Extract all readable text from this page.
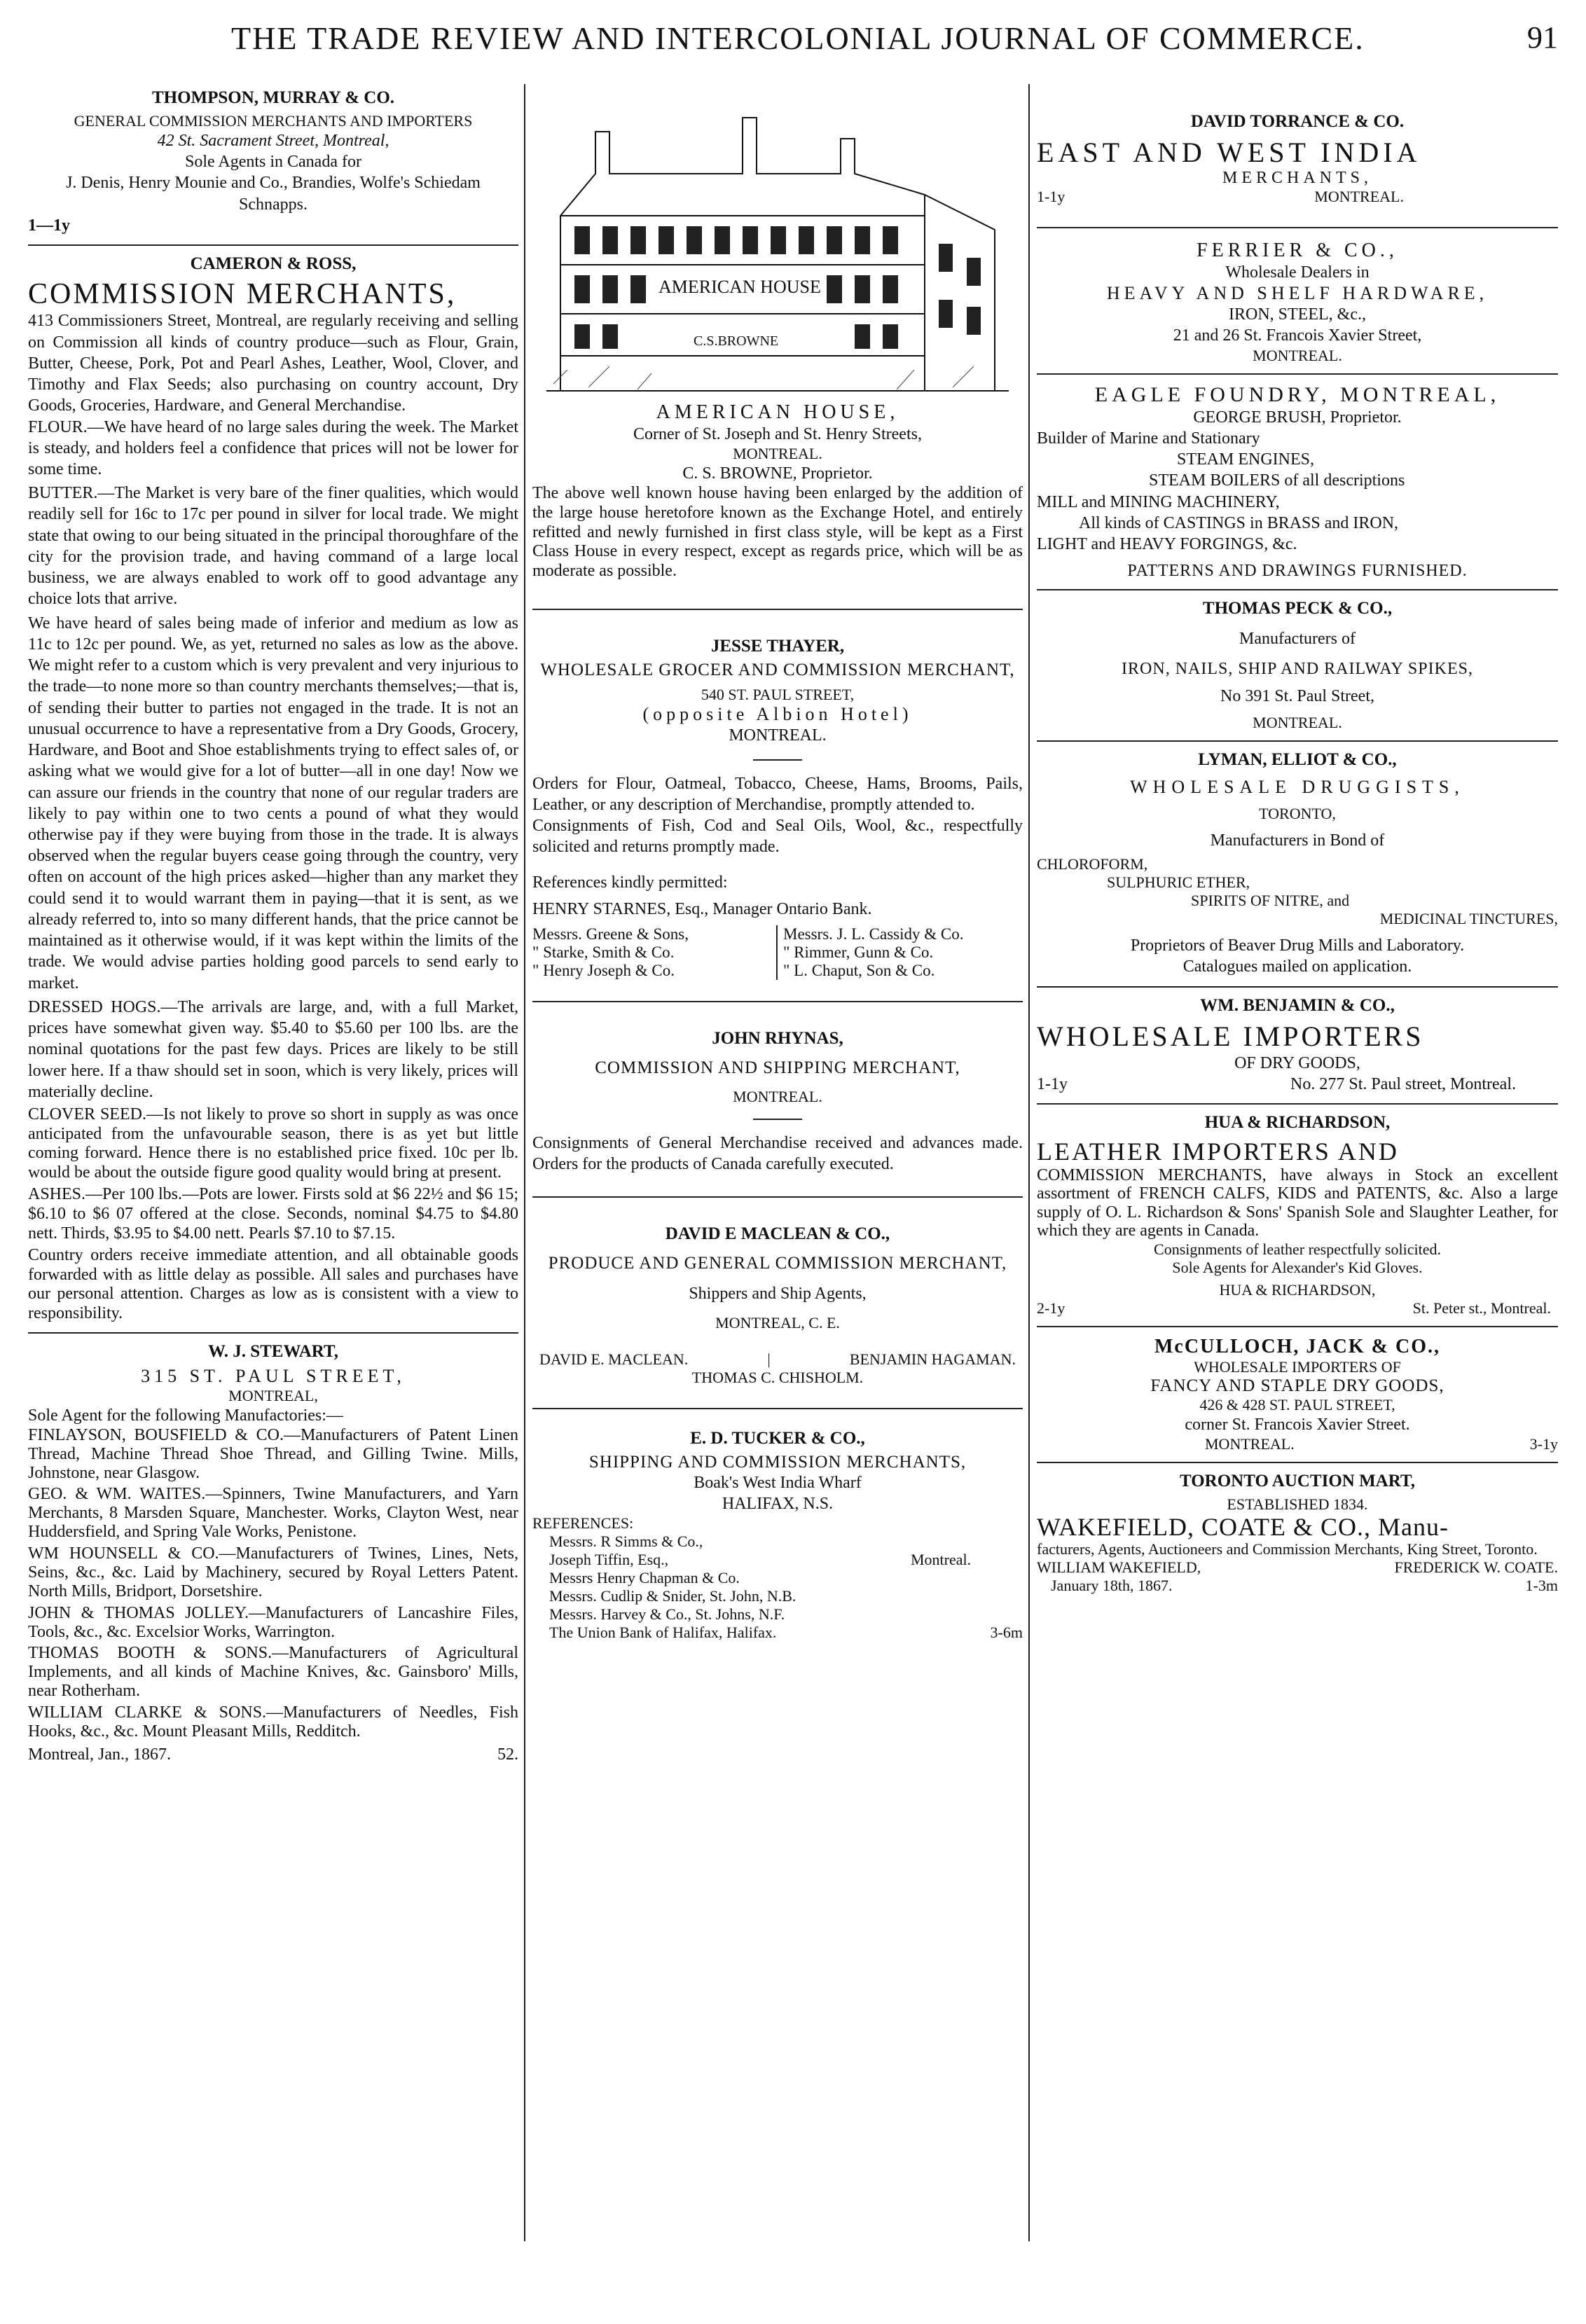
THE TRADE REVIEW AND INTERCOLONIAL JOURNAL OF COMMERCE.	91
THOMPSON, MURRAY & CO.
GENERAL COMMISSION MERCHANTS AND IMPORTERS
42 St. Sacrament Street, Montreal,
Sole Agents in Canada for
J. Denis, Henry Mounie and Co., Brandies, Wolfe's Schiedam Schnapps.
1—1y
CAMERON & ROSS,
COMMISSION MERCHANTS,
413 Commissioners Street, Montreal, are regularly receiving and selling on Commission all kinds of country produce—such as Flour, Grain, Butter, Cheese, Pork, Pot and Pearl Ashes, Leather, Wool, Clover, and Timothy and Flax Seeds; also purchasing on country account, Dry Goods, Groceries, Hardware, and General Merchandise.

FLOUR.—We have heard of no large sales during the week. The Market is steady, and holders feel a confidence that prices will not be lower for some time.

BUTTER.—The Market is very bare of the finer qualities, which would readily sell for 16c to 17c per pound in silver for local trade. We might state that owing to our being situated in the principal thoroughfare of the city for the provision trade, and having command of a large local business, we are always enabled to work off to good advantage any choice lots that arrive.

We have heard of sales being made of inferior and medium as low as 11c to 12c per pound. We, as yet, returned no sales as low as the above. We might refer to a custom which is very prevalent and very injurious to the trade—to none more so than country merchants themselves;—that is, of sending their butter to parties not engaged in the trade. It is not an unusual occurrence to have a representative from a Dry Goods, Grocery, Hardware, and Boot and Shoe establishments trying to effect sales of, or asking what we would give for a lot of butter—all in one day! Now we can assure our friends in the country that none of our regular traders are likely to pay within one to two cents a pound of what they would otherwise pay if they were buying from those in the trade. It is always observed when the regular buyers cease going through the country, very often on account of the high prices asked—higher than any market they could send it to would warrant them in paying—that it is sent, as we already referred to, into so many different hands, that the price cannot be maintained as it otherwise would, if it was kept within the limits of the trade. We would advise parties holding good parcels to send early to market.

DRESSED HOGS.—The arrivals are large, and, with a full Market, prices have somewhat given way. $5.40 to $5.60 per 100 lbs. are the nominal quotations for the past few days. Prices are likely to be still lower here. If a thaw should set in soon, which is very likely, prices will materially decline.

CLOVER SEED.—Is not likely to prove so short in supply as was once anticipated from the unfavourable season, there is as yet but little coming forward. Hence there is no established price fixed. 10c per lb. would be about the outside figure good quality would bring at present.

ASHES.—Per 100 lbs.—Pots are lower. Firsts sold at $6 22½ and $6 15; $6.10 to $6 07 offered at the close. Seconds, nominal $4.75 to $4.80 nett. Thirds, $3.95 to $4.00 nett. Pearls $7.10 to $7.15.

Country orders receive immediate attention, and all obtainable goods forwarded with as little delay as possible. All sales and purchases have our personal attention. Charges as low as is consistent with a view to responsibility.

W. J. STEWART,
315 ST. PAUL STREET,
MONTREAL,
Sole Agent for the following Manufactories:—

FINLAYSON, BOUSFIELD & CO.—Manufacturers of Patent Linen Thread, Machine Thread Shoe Thread, and Gilling Twine. Mills, Johnstone, near Glasgow.

GEO. & WM. WAITES.—Spinners, Twine Manufacturers, and Yarn Merchants, 8 Marsden Square, Manchester. Works, Clayton West, near Huddersfield, and Spring Vale Works, Penistone.

WM HOUNSELL & CO.—Manufacturers of Twines, Lines, Nets, Seins, &c., &c. Laid by Machinery, secured by Royal Letters Patent. North Mills, Bridport, Dorsetshire.

JOHN & THOMAS JOLLEY.—Manufacturers of Lancashire Files, Tools, &c., &c. Excelsior Works, Warrington.

THOMAS BOOTH & SONS.—Manufacturers of Agricultural Implements, and all kinds of Machine Knives, &c. Gainsboro' Mills, near Rotherham.

WILLIAM CLARKE & SONS.—Manufacturers of Needles, Fish Hooks, &c., &c. Mount Pleasant Mills, Redditch.

Montreal, Jan., 1867.	52.
AMERICAN HOUSE
C.S.BROWNE
AMERICAN HOUSE,
Corner of St. Joseph and St. Henry Streets,
MONTREAL.
C. S. BROWNE, Proprietor.
The above well known house having been enlarged by the addition of the large house heretofore known as the Exchange Hotel, and entirely refitted and newly furnished in first class style, will be kept as a First Class House in every respect, except as regards price, which will be as moderate as possible.
JESSE THAYER,
WHOLESALE GROCER AND COMMISSION MERCHANT,
540 ST. PAUL STREET,
(opposite Albion Hotel)
MONTREAL.
Orders for Flour, Oatmeal, Tobacco, Cheese, Hams, Brooms, Pails, Leather, or any description of Merchandise, promptly attended to.
Consignments of Fish, Cod and Seal Oils, Wool, &c., respectfully solicited and returns promptly made.
References kindly permitted:
HENRY STARNES, Esq., Manager Ontario Bank.
Messrs. Greene & Sons,
" Starke, Smith & Co.
" Henry Joseph & Co.
Messrs. J. L. Cassidy & Co.
" Rimmer, Gunn & Co.
" L. Chaput, Son & Co.
JOHN RHYNAS,
COMMISSION AND SHIPPING MERCHANT,
MONTREAL.
Consignments of General Merchandise received and advances made. Orders for the products of Canada carefully executed.
DAVID E MACLEAN & CO.,
PRODUCE AND GENERAL COMMISSION MERCHANT,
Shippers and Ship Agents,
MONTREAL, C. E.
DAVID E. MACLEAN.	|	BENJAMIN HAGAMAN.
THOMAS C. CHISHOLM.
E. D. TUCKER & CO.,
SHIPPING AND COMMISSION MERCHANTS,
Boak's West India Wharf
HALIFAX, N.S.
REFERENCES:
Messrs. R Simms & Co.,
Joseph Tiffin, Esq.,
Messrs Henry Chapman & Co.
Montreal.
Messrs. Cudlip & Snider, St. John, N.B.
Messrs. Harvey & Co., St. Johns, N.F.
The Union Bank of Halifax, Halifax.	3-6m
DAVID TORRANCE & CO.
EAST AND WEST INDIA
MERCHANTS,
1-1y	MONTREAL.
FERRIER & CO.,
Wholesale Dealers in
HEAVY AND SHELF HARDWARE,
IRON, STEEL, &c.,
21 and 26 St. Francois Xavier Street,
MONTREAL.
EAGLE FOUNDRY, MONTREAL,
GEORGE BRUSH, Proprietor.
Builder of Marine and Stationary
STEAM ENGINES,
STEAM BOILERS of all descriptions
MILL and MINING MACHINERY,
All kinds of CASTINGS in BRASS and IRON,
LIGHT and HEAVY FORGINGS, &c.
PATTERNS AND DRAWINGS FURNISHED.
THOMAS PECK & CO.,
Manufacturers of
IRON, NAILS, SHIP AND RAILWAY SPIKES,
No 391 St. Paul Street,
MONTREAL.
LYMAN, ELLIOT & CO.,
WHOLESALE DRUGGISTS,
TORONTO,
Manufacturers in Bond of
CHLOROFORM,
SULPHURIC ETHER,
SPIRITS OF NITRE, and
MEDICINAL TINCTURES,
Proprietors of Beaver Drug Mills and Laboratory.
Catalogues mailed on application.
WM. BENJAMIN & CO.,
WHOLESALE IMPORTERS
OF DRY GOODS,
1-1y	No. 277 St. Paul street, Montreal.
HUA & RICHARDSON,
LEATHER IMPORTERS AND
COMMISSION MERCHANTS, have always in Stock an excellent assortment of FRENCH CALFS, KIDS and PATENTS, &c. Also a large supply of O. L. Richardson & Sons' Spanish Sole and Slaughter Leather, for which they are agents in Canada.
Consignments of leather respectfully solicited.
Sole Agents for Alexander's Kid Gloves.
HUA & RICHARDSON,
2-1y	St. Peter st., Montreal.
McCULLOCH, JACK & CO.,
WHOLESALE IMPORTERS OF
FANCY AND STAPLE DRY GOODS,
426 & 428 ST. PAUL STREET,
corner St. Francois Xavier Street.
MONTREAL.	3-1y
TORONTO AUCTION MART,
ESTABLISHED 1834.
WAKEFIELD, COATE & CO., Manu-
facturers, Agents, Auctioneers and Commission Merchants, King Street, Toronto.
WILLIAM WAKEFIELD,	FREDERICK W. COATE.
January 18th, 1867.	1-3m
